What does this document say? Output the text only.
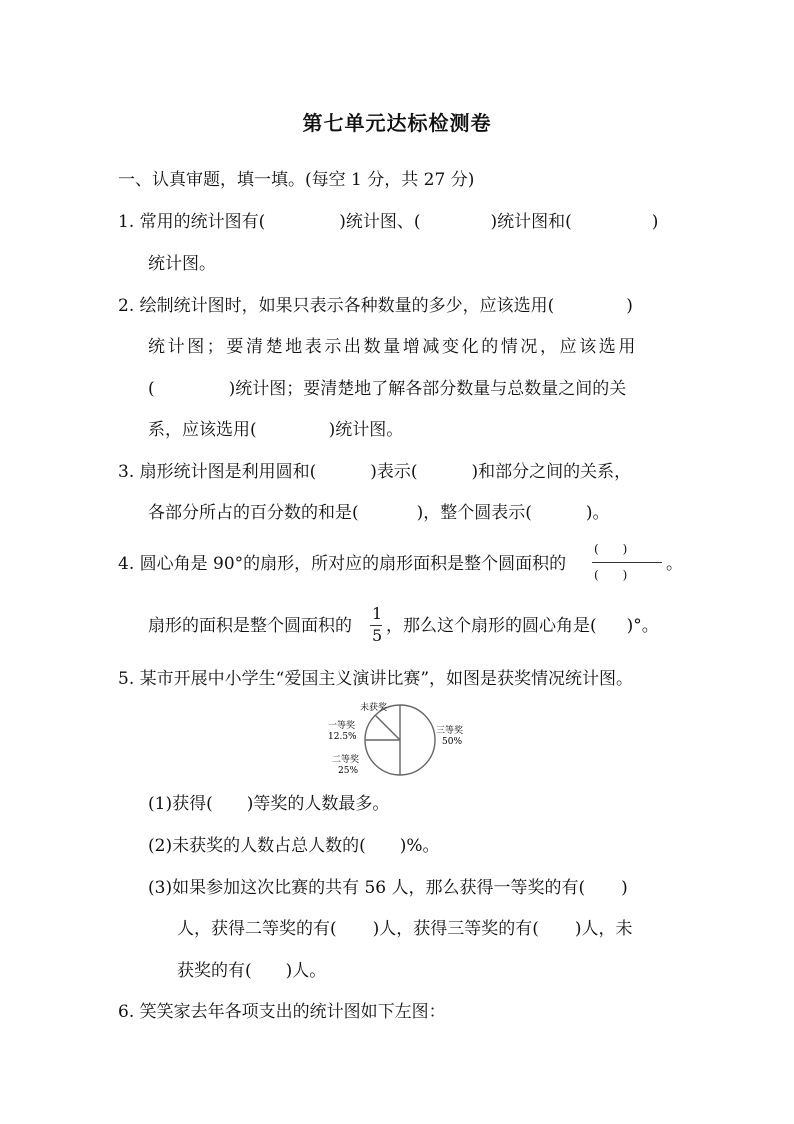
第七单元达标检测卷
一、认真审题，填一填。(每空 1 分，共 27 分)
1. 常用的统计图有(	)统计图、(	)统计图和(	)
统计图。
2. 绘制统计图时，如果只表示各种数量的多少，应该选用(	)
统计图；要清楚地表示出数量增减变化的情况，应该选用
(	)统计图；要清楚地了解各部分数量与总数量之间的关
系，应该选用(	)统计图。
3. 扇形统计图是利用圆和(	)表示(	)和部分之间的关系，
各部分所占的百分数的和是(	)，整个圆表示(	)。
4. 圆心角是 90°的扇形，所对应的扇形面积是整个圆面积的
(　　)
(　　)
。
扇形的面积是整个圆面积的
1
5 ，那么这个扇形的圆心角是( )°。
5. 某市开展中小学生“爱国主义演讲比赛”，如图是获奖情况统计图。
未获奖
一等奖
12.5%
二等奖
25%
三等奖
50%
(1)获得( )等奖的人数最多。
(2)未获奖的人数占总人数的( )%。
(3)如果参加这次比赛的共有 56 人，那么获得一等奖的有( )
人，获得二等奖的有( )人，获得三等奖的有( )人，未
获奖的有( )人。
6. 笑笑家去年各项支出的统计图如下左图：
